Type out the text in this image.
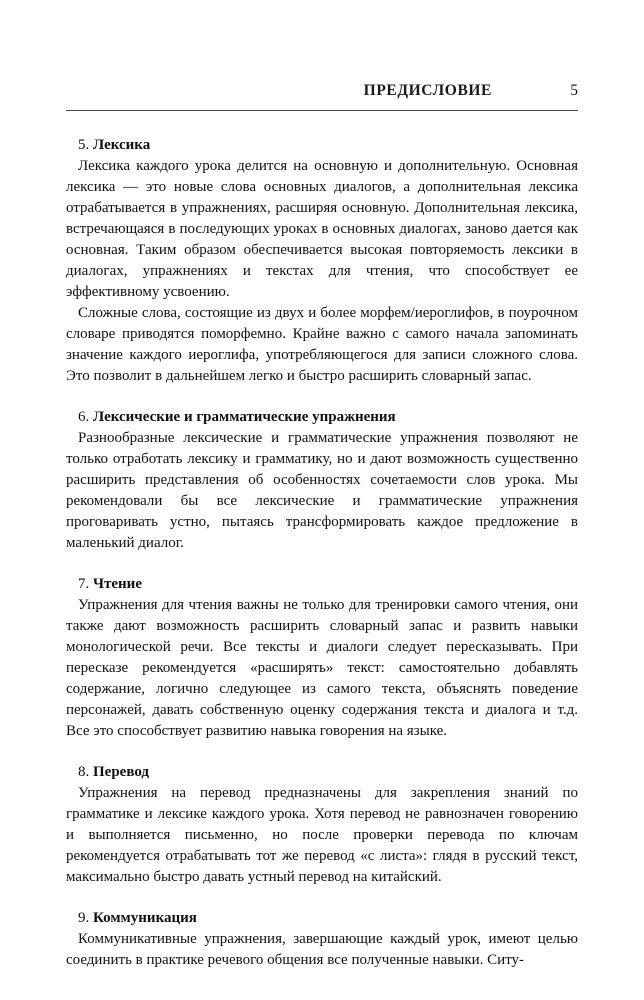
ПРЕДИСЛОВИЕ	5
5. Лексика

Лексика каждого урока делится на основную и дополнительную. Основная лексика — это новые слова основных диалогов, а дополнительная лексика отрабатывается в упражнениях, расширяя основную. Дополнительная лексика, встречающаяся в последующих уроках в основных диалогах, заново дается как основная. Таким образом обеспечивается высокая повторяемость лексики в диалогах, упражнениях и текстах для чтения, что способствует ее эффективному усвоению.

Сложные слова, состоящие из двух и более морфем/иероглифов, в поурочном словаре приводятся поморфемно. Крайне важно с самого начала запоминать значение каждого иероглифа, употребляющегося для записи сложного слова. Это позволит в дальнейшем легко и быстро расширить словарный запас.

6. Лексические и грамматические упражнения

Разнообразные лексические и грамматические упражнения позволяют не только отработать лексику и грамматику, но и дают возможность существенно расширить представления об особенностях сочетаемости слов урока. Мы рекомендовали бы все лексические и грамматические упражнения проговаривать устно, пытаясь трансформировать каждое предложение в маленький диалог.

7. Чтение

Упражнения для чтения важны не только для тренировки самого чтения, они также дают возможность расширить словарный запас и развить навыки монологической речи. Все тексты и диалоги следует пересказывать. При пересказе рекомендуется «расширять» текст: самостоятельно добавлять содержание, логично следующее из самого текста, объяснять поведение персонажей, давать собственную оценку содержания текста и диалога и т.д. Все это способствует развитию навыка говорения на языке.

8. Перевод

Упражнения на перевод предназначены для закрепления знаний по грамматике и лексике каждого урока. Хотя перевод не равнозначен говорению и выполняется письменно, но после проверки перевода по ключам рекомендуется отрабатывать тот же перевод «с листа»: глядя в русский текст, максимально быстро давать устный перевод на китайский.

9. Коммуникация

Коммуникативные упражнения, завершающие каждый урок, имеют целью соединить в практике речевого общения все полученные навыки. Ситу-
